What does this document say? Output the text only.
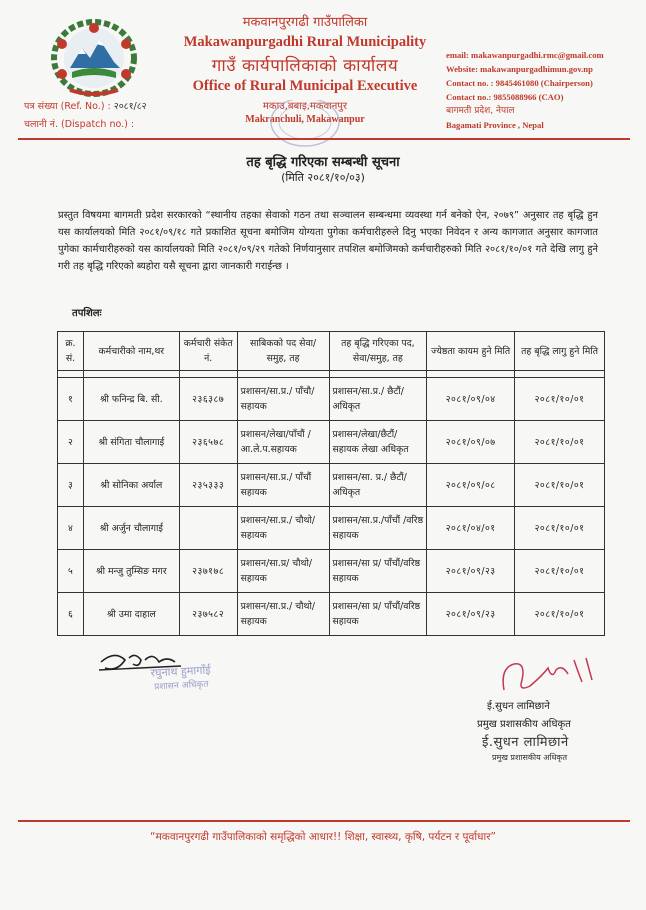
मकवानपुरगढी गाउँपालिका
Makawanpurgadhi Rural Municipality
गाउँ कार्यपालिकाको कार्यालय
Office of Rural Municipal Executive
मकाउ,बबाइ,मकवानपुर
Makranchuli, Makawanpur
email: makawanpurgadhi.rmc@gmail.com
Website: makawanpurgadhimun.gov.np
Contact no. : 9845461080 (Chairperson)
Contact no.: 9855088966 (CAO)
बागमती प्रदेश, नेपाल
Bagamati Province , Nepal
पत्र संख्या (Ref. No.) : २०८१/८२
चलानी नं. (Dispatch no.) :
तह बृद्धि गरिएका सम्बन्धी सूचना
(मिति २०८१/१०/०३)
प्रस्तुत विषयमा बागमती प्रदेश सरकारको “स्थानीय तहका सेवाको गठन तथा सञ्चालन सम्बन्धमा व्यवस्था गर्न बनेको ऐन, २०७९” अनुसार तह बृद्धि हुन यस कार्यालयको मिति २०८१/०९/१८ गते प्रकाशित सूचना बमोजिम योग्यता पुगेका कर्मचारीहरुले दिनु भएका निवेदन र अन्य कागजात अनुसार कागजात पुगेका कार्मचारीहरुको यस कार्यालयको मिति २०८१/०९/२९ गतेको निर्णयानुसार तपशिल बमोजिमको कर्मचारीहरुको मिति २०८१/१०/०१ गते देखि लागु हुने गरी तह बृद्धि गरिएको ब्यहोरा यसै सूचना द्वारा जानकारी गराईन्छ ।
तपशिलः
क्र. सं.	कर्मचारीको नाम,थर	कर्मचारी संकेत नं.	साबिकको पद सेवा/समुह, तह	तह बृद्धि गरिएका पद, सेवा/समुह, तह	ज्येष्ठता कायम हुने मिति	तह बृद्धि लागु हुने मिति

१	श्री फनिन्द्र बि. सी.	२३६३८७	प्रशासन/सा.प्र./ पाँचौ/सहायक	प्रशासन/सा.प्र./ छैटौं/अधिकृत	२०८१/०९/०४	२०८१/१०/०१
२	श्री संगिता चौलागाई	२३६५७८	प्रशासन/लेखा/पाँचौं /आ.ले.प.सहायक	प्रशासन/लेखा/छैटौं/ सहायक लेखा अधिकृत	२०८१/०९/०७	२०८१/१०/०१
३	श्री सोनिका अर्याल	२३५३३३	प्रशासन/सा.प्र./ पाँचौं सहायक	प्रशासन/सा. प्र./ छैटौं/अधिकृत	२०८१/०९/०८	२०८१/१०/०१
४	श्री अर्जुन चौलागाई		प्रशासन/सा.प्र./ चौथो/सहायक	प्रशासन/सा.प्र./पाँचौं /वरिष्ठ सहायक	२०८१/०४/०१	२०८१/१०/०१
५	श्री मन्जु तुम्सिङ मगर	२३७१७८	प्रशासन/सा.प्र/ चौथो/ सहायक	प्रशासन/सा प्र/ पाँचौं/वरिष्ठ सहायक	२०८१/०९/२३	२०८१/१०/०१
६	श्री उमा दाहाल	२३७५८२	प्रशासन/सा.प्र./ चौथो/सहायक	प्रशासन/सा प्र/ पाँचौं/वरिष्ठ सहायक	२०८१/०९/२३	२०८१/१०/०१
रघुनाथ हुमागाँई
प्रशासन अधिकृत
ई.सुधन लामिछाने
प्रमुख प्रशासकीय अधिकृत
ई.सुधन लामिछाने
प्रमुख प्रशासकीय अधिकृत
“मकवानपुरगढी गाउँपालिकाको समृद्धिको आधार!! शिक्षा, स्वास्थ्य, कृषि, पर्यटन र पूर्वाधार”
